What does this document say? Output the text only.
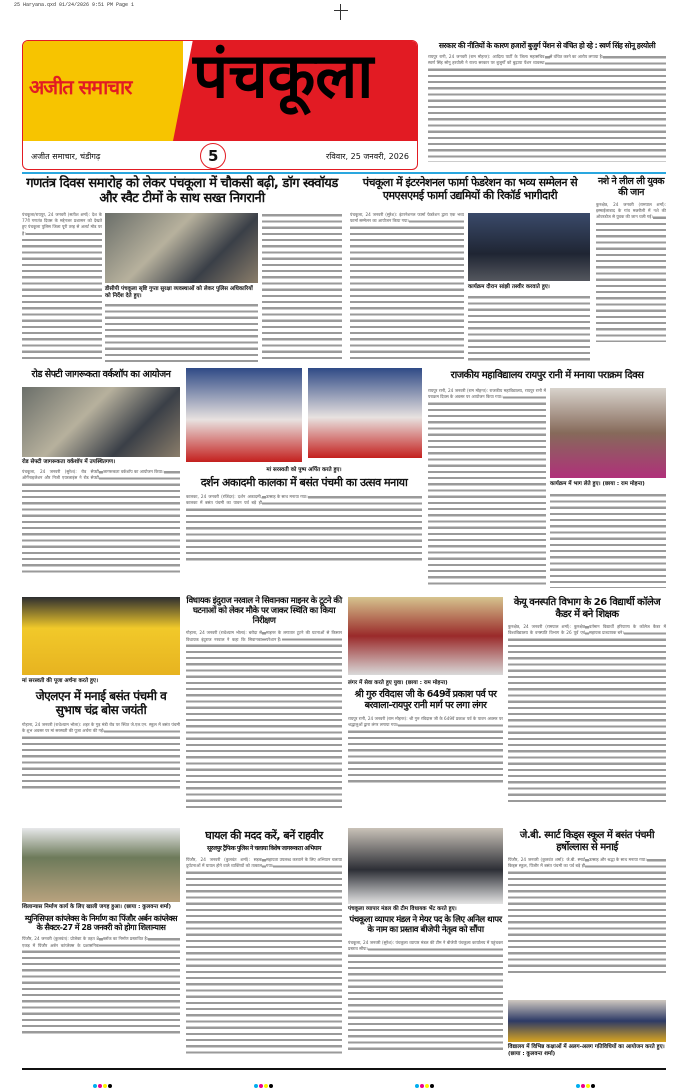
25 Haryana.qxd 01/24/2026 9:51 PM Page 1
अजीत समाचार पंचकूला
अजीत समाचार, चंडीगढ़	5	रविवार, 25 जनवरी, 2026
सरकार की नीतियों के कारण हजारों बुजुर्ग पेंशन से वंचित हो रहे : स्वर्ण सिंह सोनू हरयोली
रायपुर रानी, 24 जनवरी (राम मोहन्त): आदित्य पार्टी के जिला महासचिव स्वर्ण सिंह सोनू हरयोली ने राज्य सरकार पर बुजुर्गों को बुढ़ापा पेंशन व्यवस्था से वंचित करने का आरोप लगाया है।
गणतंत्र दिवस समारोह को लेकर पंचकूला में चौकसी बढ़ी, डॉग स्क्वॉयड और स्वैट टीमों के साथ सख्त निगरानी
पंचकूला/रायपुर, 24 जनवरी (सतीश शर्मा): देश के 77वें गणतंत्र दिवस के मद्देनजर प्रशासन को देखते हुए पंचकूला पुलिस जिला पूरी तरह से अलर्ट मोड पर है।
डीसीपी पंचकूला सृष्टि गुप्ता सुरक्षा व्यवस्थाओं को लेकर पुलिस अधिकारियों को निर्देश देते हुए।
पंचकूला में इंटरनेशनल फार्मा फेडरेशन का भव्य सम्मेलन से एमएसएमई फार्मा उद्यमियों की रिकॉर्ड भागीदारी
पंचकूला, 24 जनवरी (सुरेश): इंटरनेशनल फार्मा फेडरेशन द्वारा एक भव्य फार्मा सम्मेलन का आयोजन किया गया।
कार्यक्रम दौरान सांझी तस्वीर करवाते हुए।
नशे ने लील ली युवक की जान
कुरुक्षेत्र, 24 जनवरी (रामपाल शर्मा): इस्माईलाबाद के गांव मछरौली में नशे की ओवरडोज से युवक की जान चली गई।
रोड सेफ्टी जागरूकता वर्कशॉप का आयोजन
रोड सेफ्टी जागरूकता वर्कशॉप में उपस्थितगण।
पंचकूला, 24 जनवरी (सुरेश): रोड सेफ्टी ऑर्गेनाइजेशन और निजी एयरलाइंस ने रोड सेफ्टी जागरूकता वर्कशॉप का आयोजन किया।	मां सरस्वती को पुष्प अर्पित करते हुए।
दर्शन अकादमी कालका में बसंत पंचमी का उत्सव मनाया
कालका, 24 जनवरी (रजिंदर): दर्शन अकादमी, कालका में बसंत पंचमी का पावन पर्व बड़े ही उत्साह के साथ मनाया गया।
राजकीय महाविद्यालय रायपुर रानी में मनाया पराक्रम दिवस
रायपुर रानी, 24 जनवरी (राम मोहन्त): राजकीय महाविद्यालय, रायपुर रानी में पराक्रम दिवस के अवसर पर आयोजन किया गया।
कार्यक्रम में भाग लेते हुए। (छाया : राम मोहन्त)
मां सरस्वती की पूजा अर्चना करते हुए।
विधायक इंदुराज नरवाल ने सिवानका माइनर के टूटने की घटनाओं को लेकर मौके पर जाकर स्थिति का किया निरीक्षण
गोहाना, 24 जनवरी (राधेश्याम भोला): बरोदा से विधायक इंदुराज नरवाल ने कहा कि सिवानका माइनर के लगातार टूटने की घटनाओं से किसान परेशान हैं।
लंगर में सेवा करते हुए युवा। (छाया : राम मोहन्त)
केयू वनस्पति विभाग के 26 विद्यार्थी कॉलेज कैडर में बने शिक्षक
कुरुक्षेत्र, 24 जनवरी (रामपाल शर्मा): कुरुक्षेत्र विश्वविद्यालय के वनस्पति विभाग के 26 पूर्व एवं वर्तमान विद्यार्थी हरियाणा के कॉलेज कैडर में सहायक प्राध्यापक बने।
जेएलएन में मनाई बसंत पंचमी व सुभाष चंद्र बोस जयंती
गोहाना, 24 जनवरी (राधेश्याम भोला): शहर के गुड़ मंडी रोड पर स्थित जे.एल.एन. स्कूल में बसंत पंचमी के शुभ अवसर पर मां सरस्वती की पूजा अर्चना की गई।
श्री गुरु रविदास जी के 649वें प्रकाश पर्व पर बरवाला-रायपुर रानी मार्ग पर लगा लंगर
रायपुर रानी, 24 जनवरी (राम मोहन्त): श्री गुरु रविदास जी के 649वें प्रकाश पर्व के पावन अवसर पर श्रद्धालुओं द्वारा लंगर लगाया गया।
शिलान्यास निर्माण कार्य के लिए खाली जगह हुआ। (छाया : कुलवन्त शर्मा)
म्युनिसिपल कांप्लेक्स के निर्माण का पिंजौर अर्बन कांप्लेक्स के सैक्टर-27 में 28 जनवरी को होगा शिलान्यास
पिंजौर, 24 जनवरी (कुलवंत): प्रोजेक्ट के तहत 8 एकड़ में पिंजौर अर्बन कांप्लेक्स के प्रशासनिक ब्लॉक का निर्माण प्रस्तावित है।
घायल की मदद करें, बनें राहवीर
सूरजपुर ट्रैफिक पुलिस ने चलाया विशेष जागरूकता अभियान
पिंजौर, 24 जनवरी (कुलवंत शर्मा): सड़क दुर्घटनाओं में घायल होने वाले व्यक्तियों को तत्काल सहायता उपलब्ध करवाने के लिए अभियान चलाया गया।
पंचकूला व्यापार मंडल की टीम विधायक भेंट करते हुए।
पंचकूला व्यापार मंडल ने मेयर पद के लिए अनिल थापर के नाम का प्रस्ताव बीजेपी नेतृत्व को सौंपा
पंचकूला, 24 जनवरी (सुरेश): पंचकूला व्यापार मंडल की टीम ने बीजेपी पंचकूला कार्यालय में पहुंचकर प्रस्ताव सौंपा।
जे.बी. स्मार्ट किड्स स्कूल में बसंत पंचमी हर्षोल्लास से मनाई
पिंजौर, 24 जनवरी (कुलवंत शर्मा): जे.बी. स्मार्ट किड्स स्कूल, पिंजौर में बसंत पंचमी का पर्व बड़े ही उत्साह और श्रद्धा के साथ मनाया गया।
विद्यालय में विभिन्न कक्षाओं में अलग-अलग गतिविधियों का आयोजन करते हुए। (छाया : कुलवन्त शर्मा)
